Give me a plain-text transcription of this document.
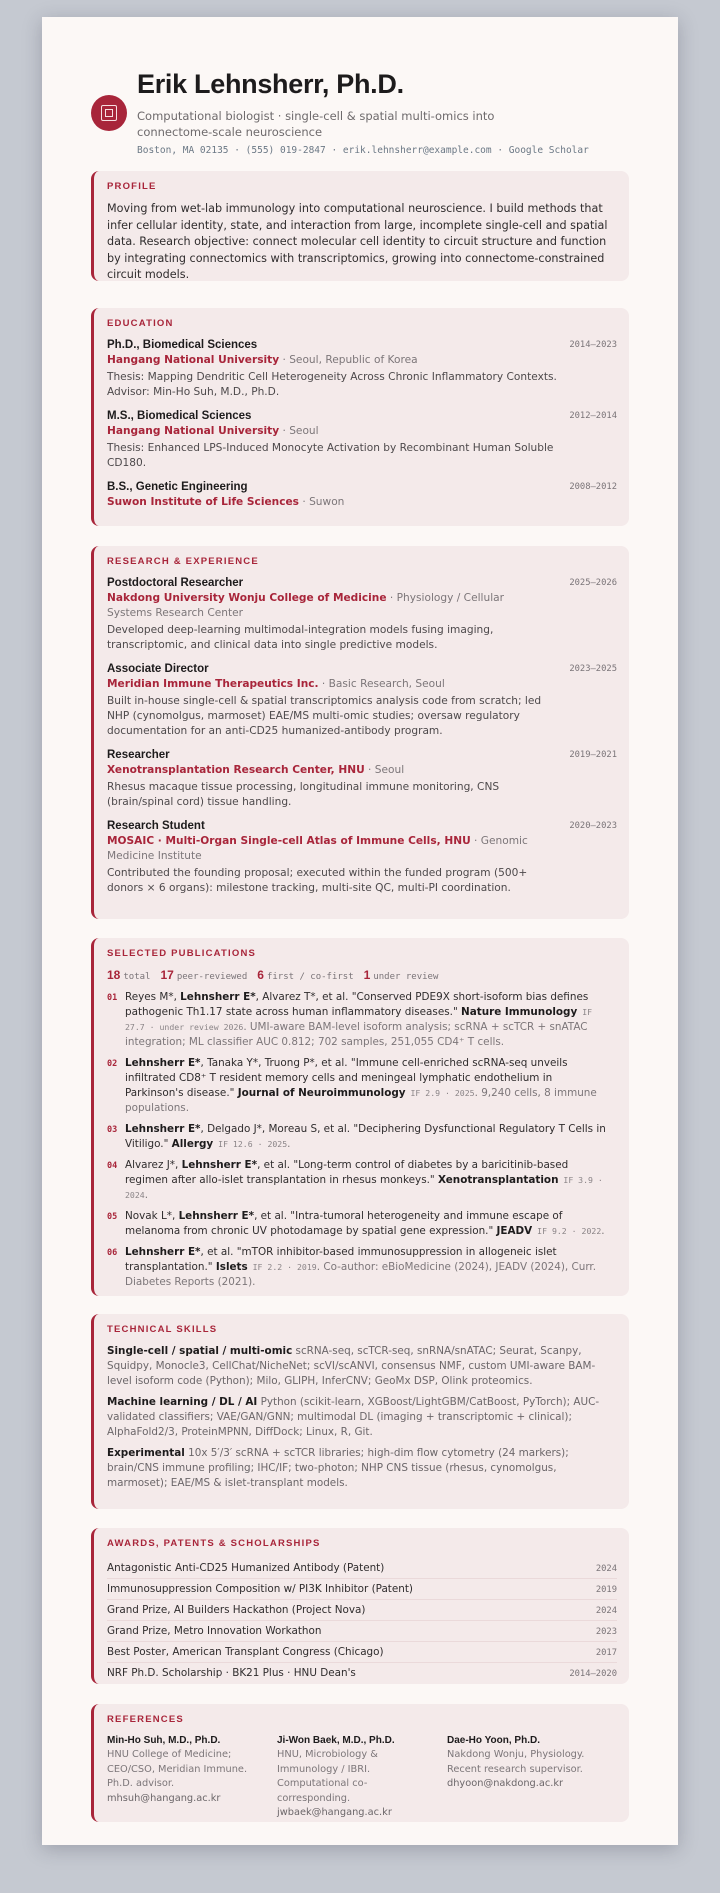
Erik Lehnsherr, Ph.D.
Computational biologist · single-cell & spatial multi-omics into connectome-scale neuroscience
Boston, MA 02135 · (555) 019-2847 · erik.lehnsherr@example.com · Google Scholar
PROFILE
Moving from wet-lab immunology into computational neuroscience. I build methods that infer cellular identity, state, and interaction from large, incomplete single-cell and spatial data. Research objective: connect molecular cell identity to circuit structure and function by integrating connectomics with transcriptomics, growing into connectome-constrained circuit models.
EDUCATION
Ph.D., Biomedical Sciences	2014–2023
Hangang National University · Seoul, Republic of Korea
Thesis: Mapping Dendritic Cell Heterogeneity Across Chronic Inflammatory Contexts. Advisor: Min-Ho Suh, M.D., Ph.D.
M.S., Biomedical Sciences	2012–2014
Hangang National University · Seoul
Thesis: Enhanced LPS-Induced Monocyte Activation by Recombinant Human Soluble CD180.
B.S., Genetic Engineering	2008–2012
Suwon Institute of Life Sciences · Suwon
RESEARCH & EXPERIENCE
Postdoctoral Researcher	2025–2026
Nakdong University Wonju College of Medicine · Physiology / Cellular Systems Research Center
Developed deep-learning multimodal-integration models fusing imaging, transcriptomic, and clinical data into single predictive models.
Associate Director	2023–2025
Meridian Immune Therapeutics Inc. · Basic Research, Seoul
Built in-house single-cell & spatial transcriptomics analysis code from scratch; led NHP (cynomolgus, marmoset) EAE/MS multi-omic studies; oversaw regulatory documentation for an anti-CD25 humanized-antibody program.
Researcher	2019–2021
Xenotransplantation Research Center, HNU · Seoul
Rhesus macaque tissue processing, longitudinal immune monitoring, CNS (brain/spinal cord) tissue handling.
Research Student	2020–2023
MOSAIC · Multi-Organ Single-cell Atlas of Immune Cells, HNU · Genomic Medicine Institute
Contributed the founding proposal; executed within the funded program (500+ donors × 6 organs): milestone tracking, multi-site QC, multi-PI coordination.
SELECTED PUBLICATIONS
18 total 17 peer-reviewed 6 first / co-first 1 under review
01 Reyes M*, Lehnsherr E*, Alvarez T*, et al. "Conserved PDE9X short-isoform bias defines pathogenic Th1.17 state across human inflammatory diseases." Nature Immunology IF 27.7 · under review 2026. UMI-aware BAM-level isoform analysis; scRNA + scTCR + snATAC integration; ML classifier AUC 0.812; 702 samples, 251,055 CD4⁺ T cells.
02 Lehnsherr E*, Tanaka Y*, Truong P*, et al. "Immune cell-enriched scRNA-seq unveils infiltrated CD8⁺ T resident memory cells and meningeal lymphatic endothelium in Parkinson's disease." Journal of Neuroimmunology IF 2.9 · 2025. 9,240 cells, 8 immune populations.
03 Lehnsherr E*, Delgado J*, Moreau S, et al. "Deciphering Dysfunctional Regulatory T Cells in Vitiligo." Allergy IF 12.6 · 2025.
04 Alvarez J*, Lehnsherr E*, et al. "Long-term control of diabetes by a baricitinib-based regimen after allo-islet transplantation in rhesus monkeys." Xenotransplantation IF 3.9 · 2024.
05 Novak L*, Lehnsherr E*, et al. "Intra-tumoral heterogeneity and immune escape of melanoma from chronic UV photodamage by spatial gene expression." JEADV IF 9.2 · 2022.
06 Lehnsherr E*, et al. "mTOR inhibitor-based immunosuppression in allogeneic islet transplantation." Islets IF 2.2 · 2019. Co-author: eBioMedicine (2024), JEADV (2024), Curr. Diabetes Reports (2021).
TECHNICAL SKILLS
Single-cell / spatial / multi-omic scRNA-seq, scTCR-seq, snRNA/snATAC; Seurat, Scanpy, Squidpy, Monocle3, CellChat/NicheNet; scVI/scANVI, consensus NMF, custom UMI-aware BAM-level isoform code (Python); Milo, GLIPH, InferCNV; GeoMx DSP, Olink proteomics.
Machine learning / DL / AI Python (scikit-learn, XGBoost/LightGBM/CatBoost, PyTorch); AUC-validated classifiers; VAE/GAN/GNN; multimodal DL (imaging + transcriptomic + clinical); AlphaFold2/3, ProteinMPNN, DiffDock; Linux, R, Git.
Experimental 10x 5′/3′ scRNA + scTCR libraries; high-dim flow cytometry (24 markers); brain/CNS immune profiling; IHC/IF; two-photon; NHP CNS tissue (rhesus, cynomolgus, marmoset); EAE/MS & islet-transplant models.
AWARDS, PATENTS & SCHOLARSHIPS
Antagonistic Anti-CD25 Humanized Antibody (Patent)	2024
Immunosuppression Composition w/ PI3K Inhibitor (Patent)	2019
Grand Prize, AI Builders Hackathon (Project Nova)	2024
Grand Prize, Metro Innovation Workathon	2023
Best Poster, American Transplant Congress (Chicago)	2017
NRF Ph.D. Scholarship · BK21 Plus · HNU Dean's	2014–2020
REFERENCES
Min-Ho Suh, M.D., Ph.D.
HNU College of Medicine; CEO/CSO, Meridian Immune. Ph.D. advisor.
mhsuh@hangang.ac.kr
Ji-Won Baek, M.D., Ph.D.
HNU, Microbiology & Immunology / IBRI. Computational co-corresponding.
jwbaek@hangang.ac.kr
Dae-Ho Yoon, Ph.D.
Nakdong Wonju, Physiology. Recent research supervisor.
dhyoon@nakdong.ac.kr
